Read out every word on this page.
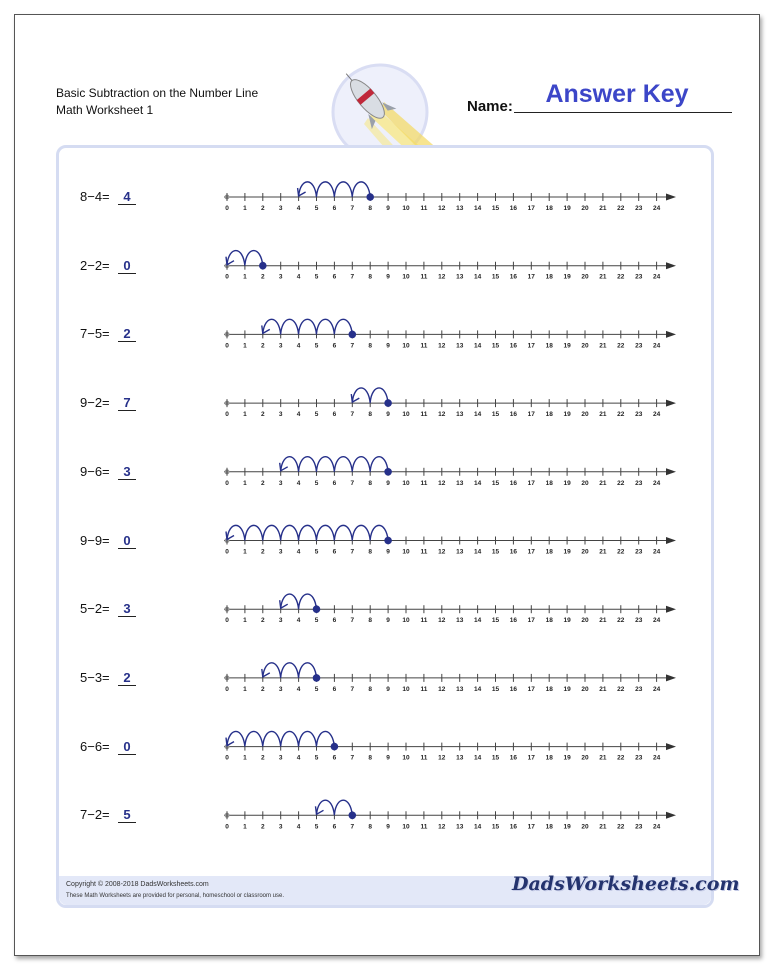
Basic Subtraction on the Number Line
Math Worksheet 1	Name:	Answer Key
8−4=	4
2−2=	0
7−5=	2
9−2=	7
9−6=	3
9−9=	0
5−2=	3
5−3=	2
6−6=	0
7−2=	5
0 1 2 3 4 5 6 7 8 9 10 11 12 13 14 15 16 17 18 19 20 21 22 23 24
0 1 2 3 4 5 6 7 8 9 10 11 12 13 14 15 16 17 18 19 20 21 22 23 24
0 1 2 3 4 5 6 7 8 9 10 11 12 13 14 15 16 17 18 19 20 21 22 23 24
0 1 2 3 4 5 6 7 8 9 10 11 12 13 14 15 16 17 18 19 20 21 22 23 24
0 1 2 3 4 5 6 7 8 9 10 11 12 13 14 15 16 17 18 19 20 21 22 23 24
0 1 2 3 4 5 6 7 8 9 10 11 12 13 14 15 16 17 18 19 20 21 22 23 24
0 1 2 3 4 5 6 7 8 9 10 11 12 13 14 15 16 17 18 19 20 21 22 23 24
0 1 2 3 4 5 6 7 8 9 10 11 12 13 14 15 16 17 18 19 20 21 22 23 24
0 1 2 3 4 5 6 7 8 9 10 11 12 13 14 15 16 17 18 19 20 21 22 23 24
0 1 2 3 4 5 6 7 8 9 10 11 12 13 14 15 16 17 18 19 20 21 22 23 24
Copyright © 2008-2018 DadsWorksheets.com
These Math Worksheets are provided for personal, homeschool or classroom use.
DadsWorksheets.com
